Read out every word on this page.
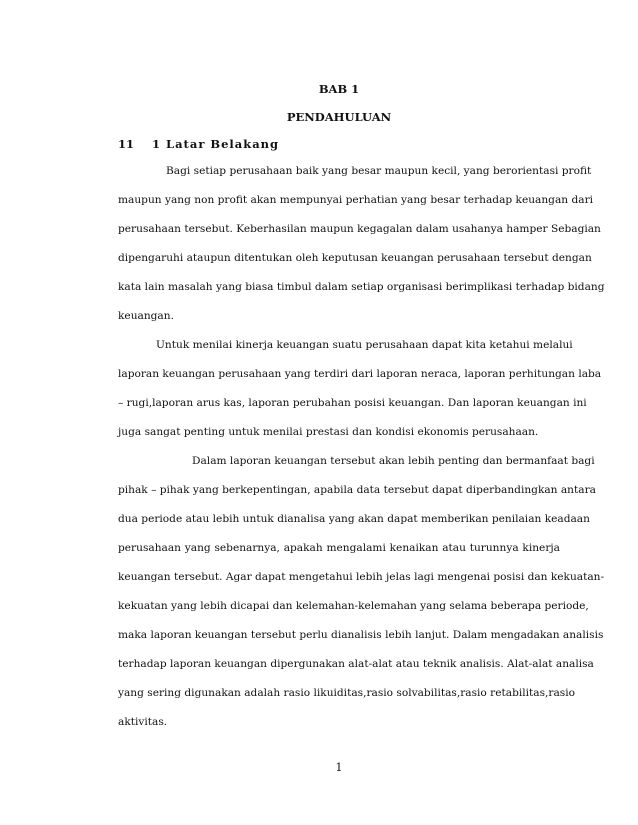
BAB 1
PENDAHULUAN
11 1 Latar Belakang
Bagi setiap perusahaan baik yang besar maupun kecil, yang berorientasi profit
maupun yang non profit akan mempunyai perhatian yang besar terhadap keuangan dari
perusahaan tersebut. Keberhasilan maupun kegagalan dalam usahanya hamper Sebagian
dipengaruhi ataupun ditentukan oleh keputusan keuangan perusahaan tersebut dengan
kata lain masalah yang biasa timbul dalam setiap organisasi berimplikasi terhadap bidang
keuangan.
Untuk menilai kinerja keuangan suatu perusahaan dapat kita ketahui melalui
laporan keuangan perusahaan yang terdiri dari laporan neraca, laporan perhitungan laba
– rugi,laporan arus kas, laporan perubahan posisi keuangan. Dan laporan keuangan ini
juga sangat penting untuk menilai prestasi dan kondisi ekonomis perusahaan.
Dalam laporan keuangan tersebut akan lebih penting dan bermanfaat bagi
pihak – pihak yang berkepentingan, apabila data tersebut dapat diperbandingkan antara
dua periode atau lebih untuk dianalisa yang akan dapat memberikan penilaian keadaan
perusahaan yang sebenarnya, apakah mengalami kenaikan atau turunnya kinerja
keuangan tersebut. Agar dapat mengetahui lebih jelas lagi mengenai posisi dan kekuatan-
kekuatan yang lebih dicapai dan kelemahan-kelemahan yang selama beberapa periode,
maka laporan keuangan tersebut perlu dianalisis lebih lanjut. Dalam mengadakan analisis
terhadap laporan keuangan dipergunakan alat-alat atau teknik analisis. Alat-alat analisa
yang sering digunakan adalah rasio likuiditas,rasio solvabilitas,rasio retabilitas,rasio
aktivitas.
1
